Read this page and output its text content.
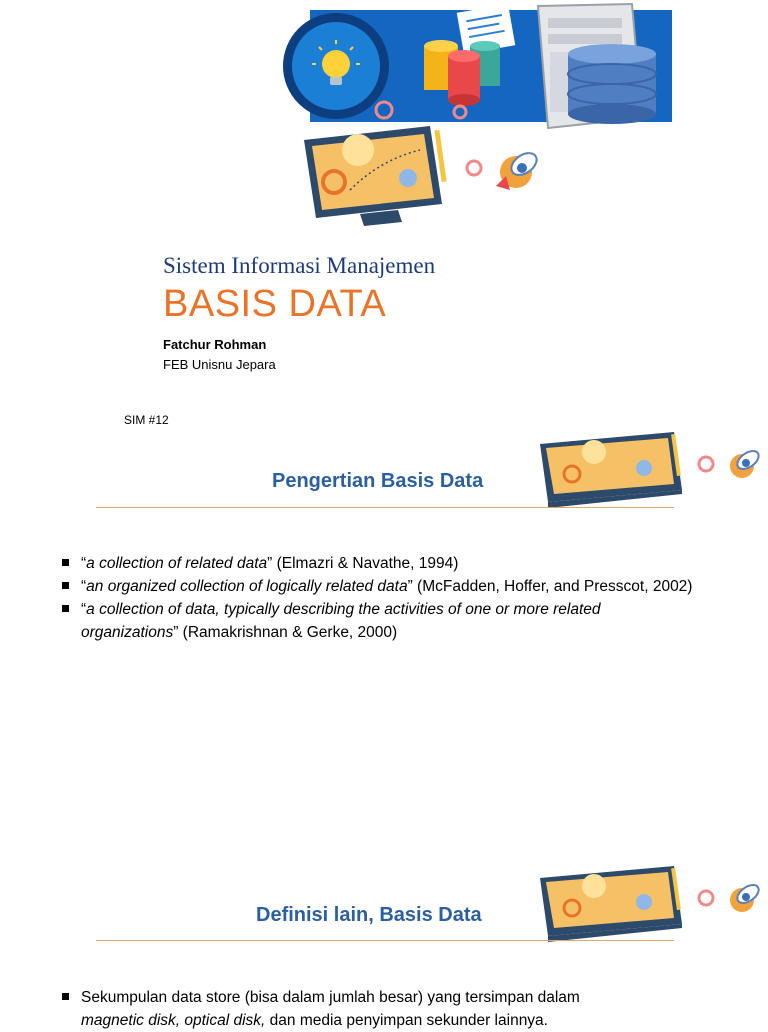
Sistem Informasi Manajemen

BASIS DATA

Fatchur Rohman
FEB Unisnu Jepara
SIM #12
Pengertian Basis Data
“a collection of related data” (Elmazri & Navathe, 1994)
“an organized collection of logically related data” (McFadden, Hoffer, and Presscot, 2002)
“a collection of data, typically describing the activities of one or more related organizations” (Ramakrishnan & Gerke, 2000)
Definisi lain, Basis Data
Sekumpulan data store (bisa dalam jumlah besar) yang tersimpan dalam
magnetic disk, optical disk, dan media penyimpan sekunder lainnya.
